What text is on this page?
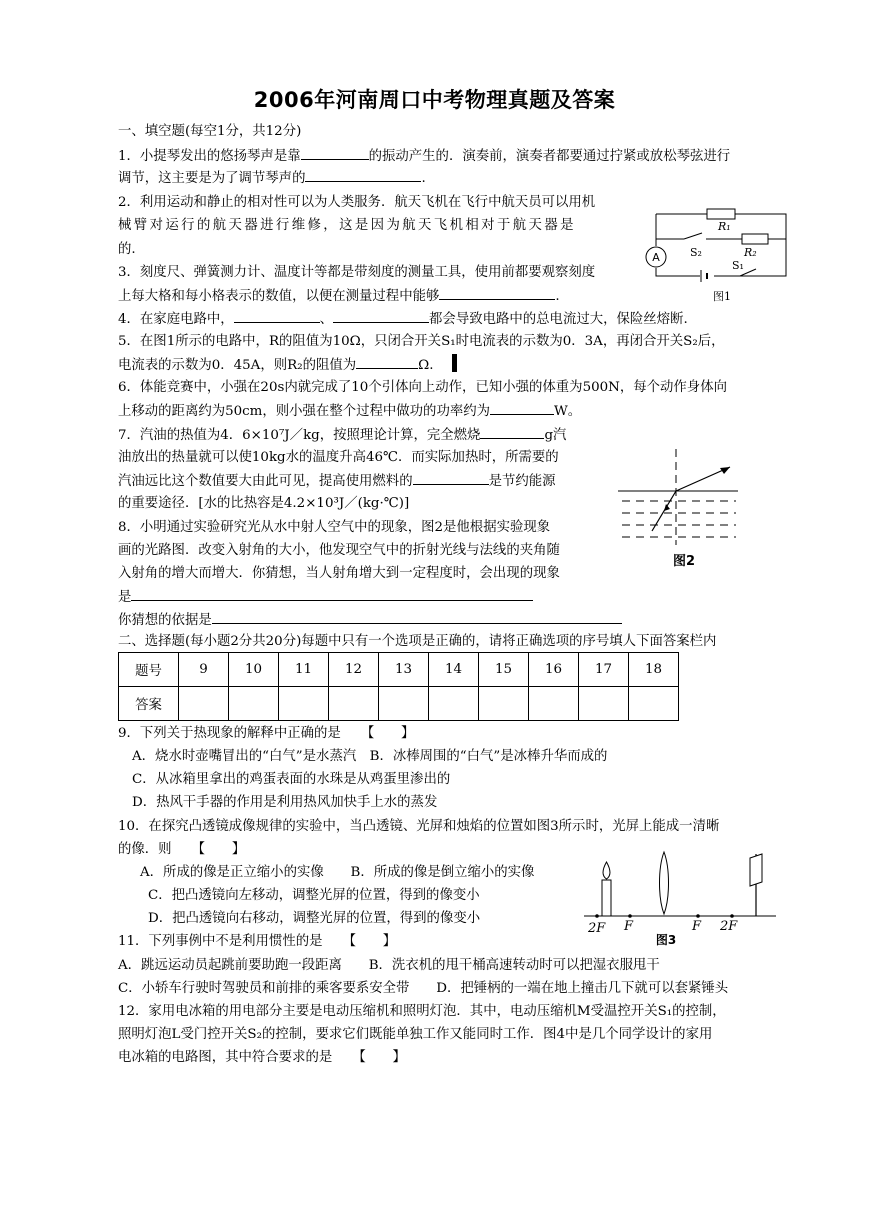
2006年河南周口中考物理真题及答案
一、填空题(每空1分，共12分)
1．小提琴发出的悠扬琴声是靠	的振动产生的．演奏前，演奏者都要通过拧紧或放松琴弦进行
调节，这主要是为了调节琴声的	.
2．利用运动和静止的相对性可以为人类服务．航天飞机在飞行中航天员可以用机
械臂对运行的航天器进行维修，这是因为航天飞机相对于航天器是
的.
3．刻度尺、弹簧测力计、温度计等都是带刻度的测量工具，使用前都要观察刻度
上每大格和每小格表示的数值，以便在测量过程中能够	.
4．在家庭电路中，	、	都会导致电路中的总电流过大，保险丝熔断.
5．在图1所示的电路中，R的阻值为10Ω，只闭合开关S₁时电流表的示数为0．3A，再闭合开关S₂后，
电流表的示数为0．45A，则R₂的阻值为	Ω.
6．体能竞赛中，小强在20s内就完成了10个引体向上动作，已知小强的体重为500N，每个动作身体向
上移动的距离约为50cm，则小强在整个过程中做功的功率约为	W。
7．汽油的热值为4．6×10⁷J／kg，按照理论计算，完全燃烧	g汽
油放出的热量就可以使10kg水的温度升高46℃．而实际加热时，所需要的
汽油远比这个数值要大由此可见，提高使用燃料的	是节约能源
的重要途径．[水的比热容是4.2×10³J／(kg·℃)]
8．小明通过实验研究光从水中射人空气中的现象，图2是他根据实验现象
画的光路图．改变入射角的大小，他发现空气中的折射光线与法线的夹角随
入射角的增大而增大．你猜想，当人射角增大到一定程度时，会出现的现象
是
你猜想的依据是
二、选择题(每小题2分共20分)每题中只有一个选项是正确的，请将正确选项的序号填人下面答案栏内
题号	9	10	11	12	13	14	15	16	17	18
答案										
9．下列关于热现象的解释中正确的是　　【　　】
A．烧水时壶嘴冒出的“白气”是水蒸汽　B．冰棒周围的“白气”是冰棒升华而成的
C．从冰箱里拿出的鸡蛋表面的水珠是从鸡蛋里渗出的
D．热风干手器的作用是利用热风加快手上水的蒸发
10．在探究凸透镜成像规律的实验中，当凸透镜、光屏和烛焰的位置如图3所示时，光屏上能成一清晰
的像．则　　【　　】
A．所成的像是正立缩小的实像　　B．所成的像是倒立缩小的实像
C．把凸透镜向左移动，调整光屏的位置，得到的像变小
D．把凸透镜向右移动，调整光屏的位置，得到的像变小
11．下列事例中不是利用惯性的是　　【　　】
A．跳远运动员起跳前要助跑一段距离　　B．洗衣机的甩干桶高速转动时可以把湿衣服甩干
C．小轿车行驶时驾驶员和前排的乘客要系安全带　　D．把锤柄的一端在地上撞击几下就可以套紧锤头
12．家用电冰箱的用电部分主要是电动压缩机和照明灯泡．其中，电动压缩机M受温控开关S₁的控制，
照明灯泡L受门控开关S₂的控制，要求它们既能单独工作又能同时工作．图4中是几个同学设计的家用
电冰箱的电路图，其中符合要求的是　　【　　】
A
R₁
R₂
S₂
S₁
图1
图2
2F F	F 2F
图3
